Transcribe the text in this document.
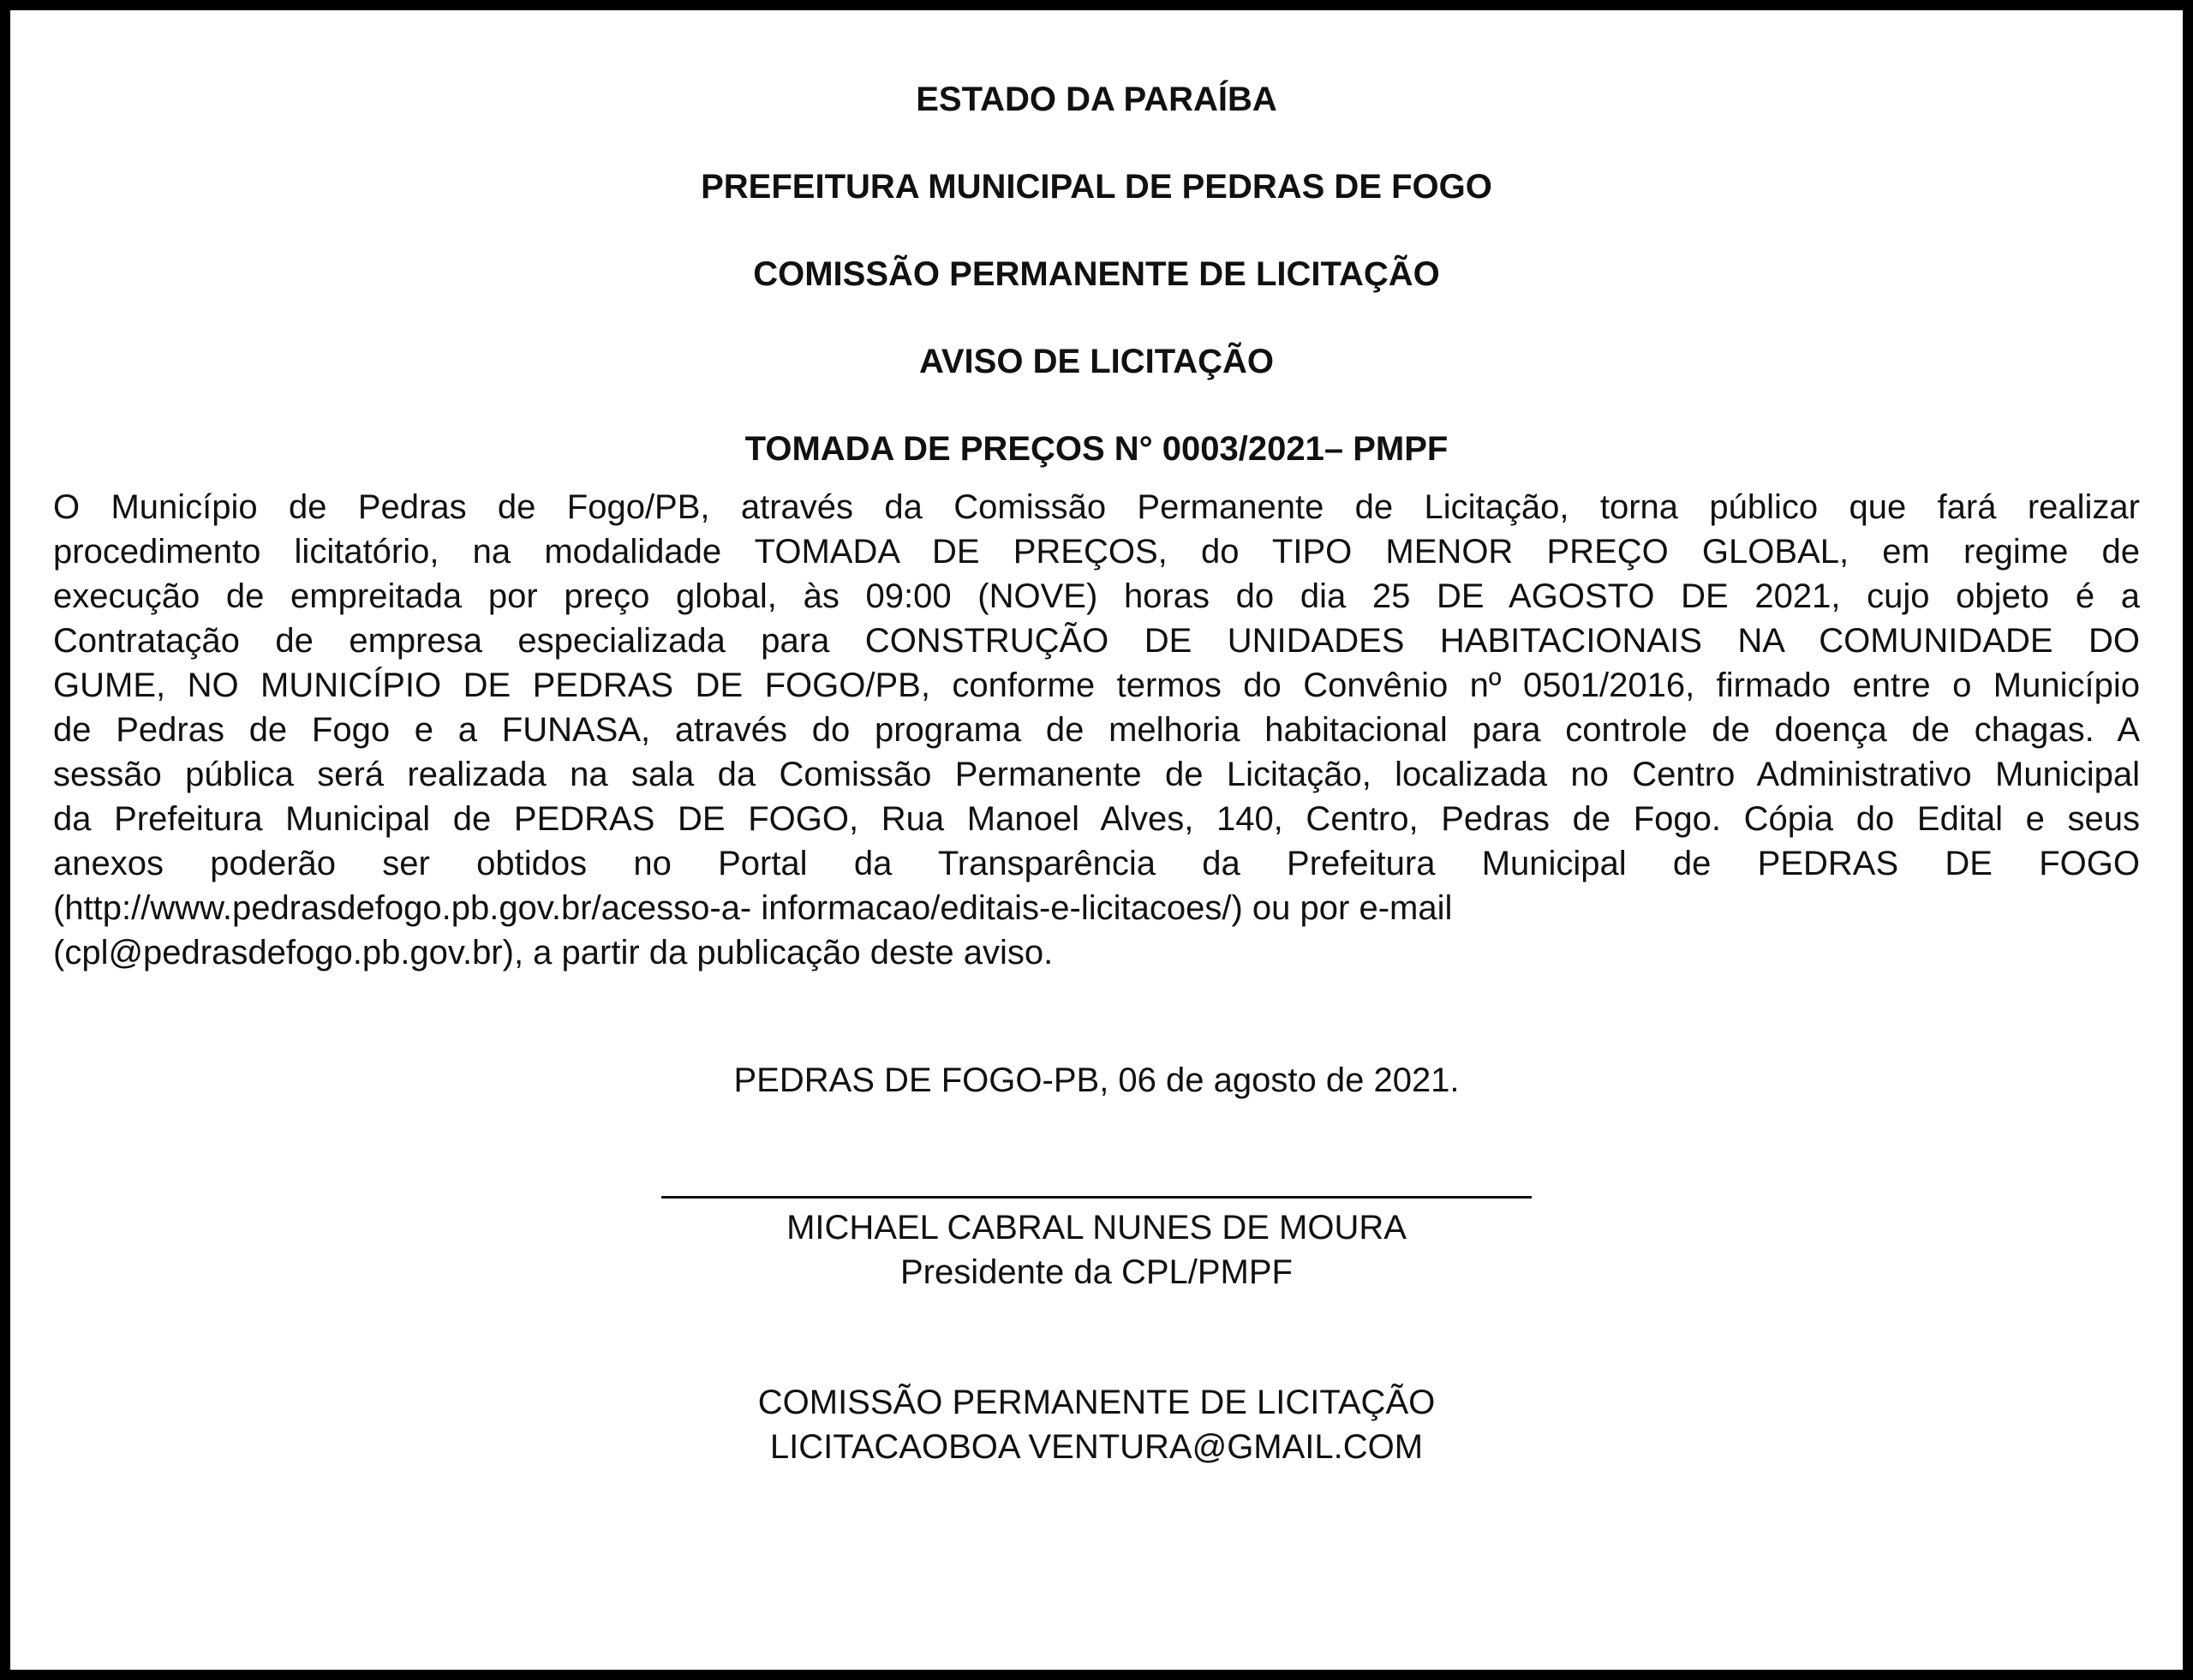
ESTADO DA PARAÍBA
PREFEITURA MUNICIPAL DE PEDRAS DE FOGO
COMISSÃO PERMANENTE DE LICITAÇÃO
AVISO DE LICITAÇÃO
TOMADA DE PREÇOS N° 0003/2021– PMPF
O Município de Pedras de Fogo/PB, através da Comissão Permanente de Licitação, torna público que fará realizar
procedimento licitatório, na modalidade TOMADA DE PREÇOS, do TIPO MENOR PREÇO GLOBAL, em regime de
execução de empreitada por preço global, às 09:00 (NOVE) horas do dia 25 DE AGOSTO DE 2021, cujo objeto é a
Contratação de empresa especializada para CONSTRUÇÃO DE UNIDADES HABITACIONAIS NA COMUNIDADE DO
GUME, NO MUNICÍPIO DE PEDRAS DE FOGO/PB, conforme termos do Convênio nº 0501/2016, firmado entre o Município
de Pedras de Fogo e a FUNASA, através do programa de melhoria habitacional para controle de doença de chagas. A
sessão pública será realizada na sala da Comissão Permanente de Licitação, localizada no Centro Administrativo Municipal
da Prefeitura Municipal de PEDRAS DE FOGO, Rua Manoel Alves, 140, Centro, Pedras de Fogo. Cópia do Edital e seus
anexos poderão ser obtidos no Portal da Transparência da Prefeitura Municipal de PEDRAS DE FOGO
(http://www.pedrasdefogo.pb.gov.br/acesso-a- informacao/editais-e-licitacoes/) ou por e-mail
(cpl@pedrasdefogo.pb.gov.br), a partir da publicação deste aviso.
PEDRAS DE FOGO-PB, 06 de agosto de 2021.
MICHAEL CABRAL NUNES DE MOURA
Presidente da CPL/PMPF
COMISSÃO PERMANENTE DE LICITAÇÃO
LICITACAOBOA VENTURA@GMAIL.COM
